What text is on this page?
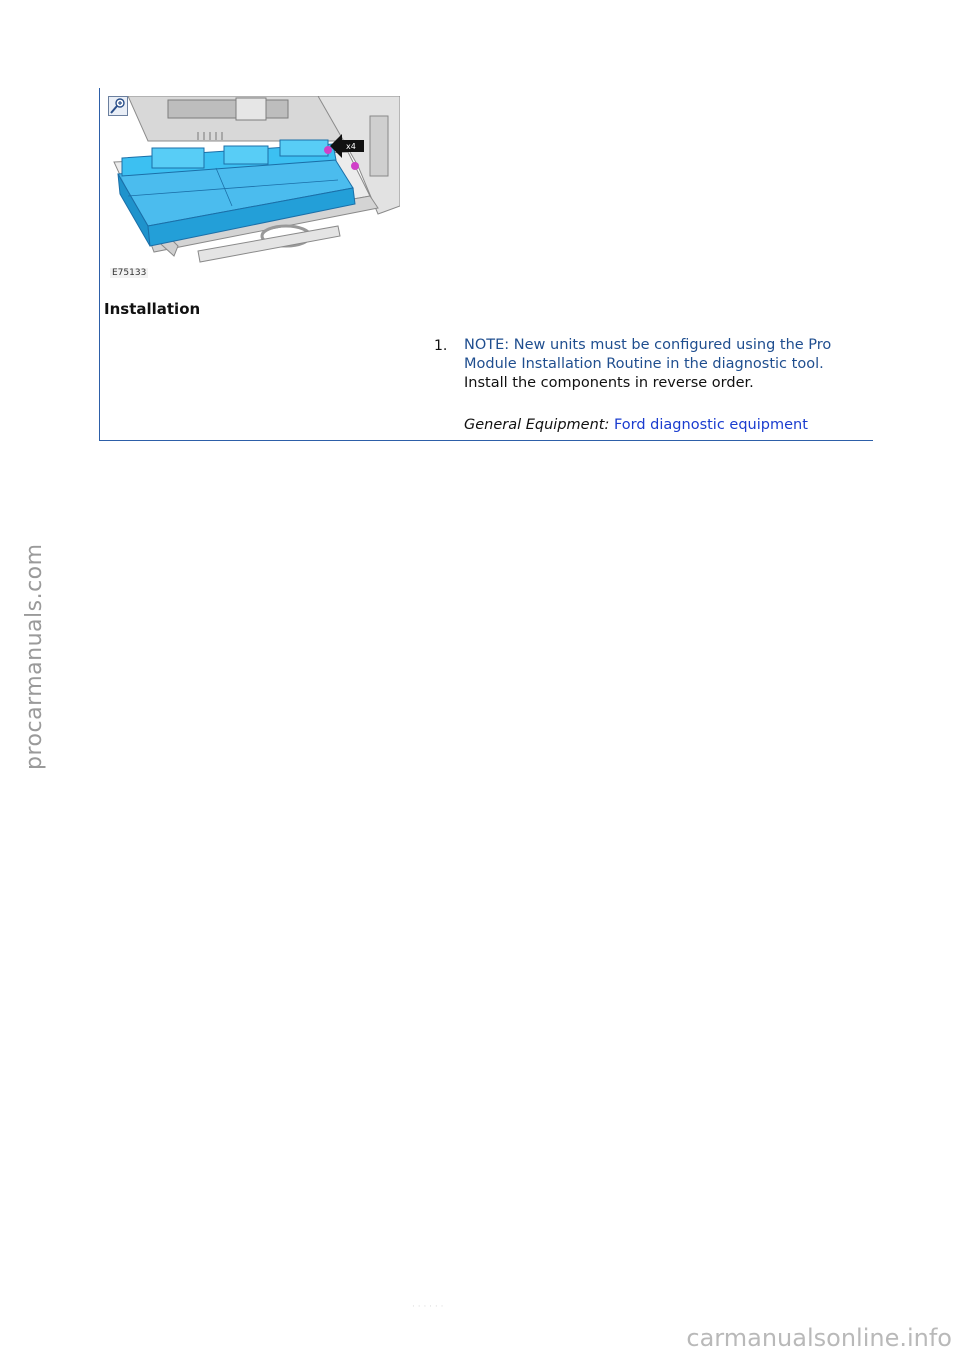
x4
E75133
Installation
1. NOTE: New units must be configured using the Pro
Module Installation Routine in the diagnostic tool.
Install the components in reverse order.
General Equipment: Ford diagnostic equipment
· · · · · ·
procarmanuals.com
carmanualsonline.info
